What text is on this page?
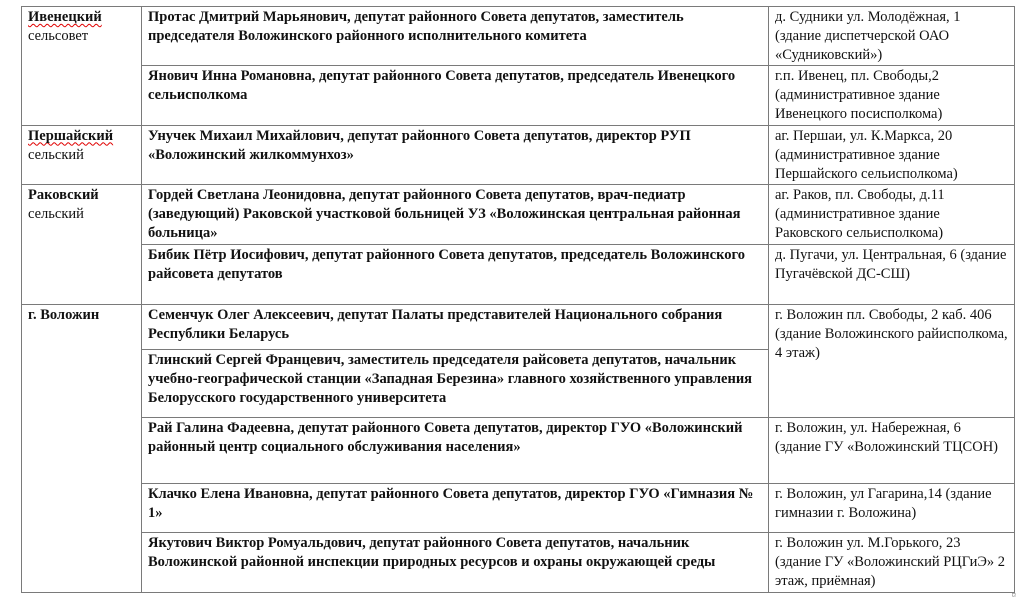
Ивенецкий
сельсовет	Протас Дмитрий Марьянович, депутат районного Совета депутатов, заместитель председателя Воложинского районного исполнительного комитета	д. Судники ул. Молодёжная, 1 (здание диспетчерской ОАО «Судниковский»)
	Янович Инна Романовна, депутат районного Совета депутатов, председатель Ивенецкого сельисполкома	г.п. Ивенец, пл. Свободы,2 (административное здание Ивенецкого посисполкома)
Першайский
сельский	Унучек Михаил Михайлович, депутат районного Совета депутатов, директор РУП «Воложинский жилкоммунхоз»	аг. Першаи, ул. К.Маркса, 20 (административное здание Першайского сельисполкома)
Раковский
сельский	Гордей Светлана Леонидовна, депутат районного Совета депутатов, врач-педиатр (заведующий) Раковской участковой больницей УЗ «Воложинская центральная районная больница»	аг. Раков, пл. Свободы, д.11 (административное здание Раковского сельисполкома)
	Бибик Пётр Иосифович, депутат районного Совета депутатов, председатель Воложинского райсовета депутатов	д. Пугачи, ул. Центральная, 6 (здание Пугачёвской ДС-СШ)
г. Воложин	Семенчук Олег Алексеевич, депутат Палаты представителей Национального собрания Республики Беларусь	г. Воложин пл. Свободы, 2 каб. 406 (здание Воложинского райисполкома, 4 этаж)
	Глинский Сергей Францевич, заместитель председателя райсовета депутатов, начальник учебно-географической станции «Западная Березина» главного хозяйственного управления Белорусского государственного университета	
	Рай Галина Фадеевна, депутат районного Совета депутатов, директор ГУО «Воложинский районный центр социального обслуживания населения»	г. Воложин, ул. Набережная, 6 (здание ГУ «Воложинский ТЦСОН)
	Клачко Елена Ивановна, депутат районного Совета депутатов, директор ГУО «Гимназия № 1»	г. Воложин, ул Гагарина,14 (здание гимназии г. Воложина)
	Якутович Виктор Ромуальдович, депутат районного Совета депутатов, начальник Воложинской районной инспекции природных ресурсов и охраны окружающей среды	г. Воложин ул. М.Горького, 23 (здание ГУ «Воложинский РЦГиЭ» 2 этаж, приёмная)
¤
